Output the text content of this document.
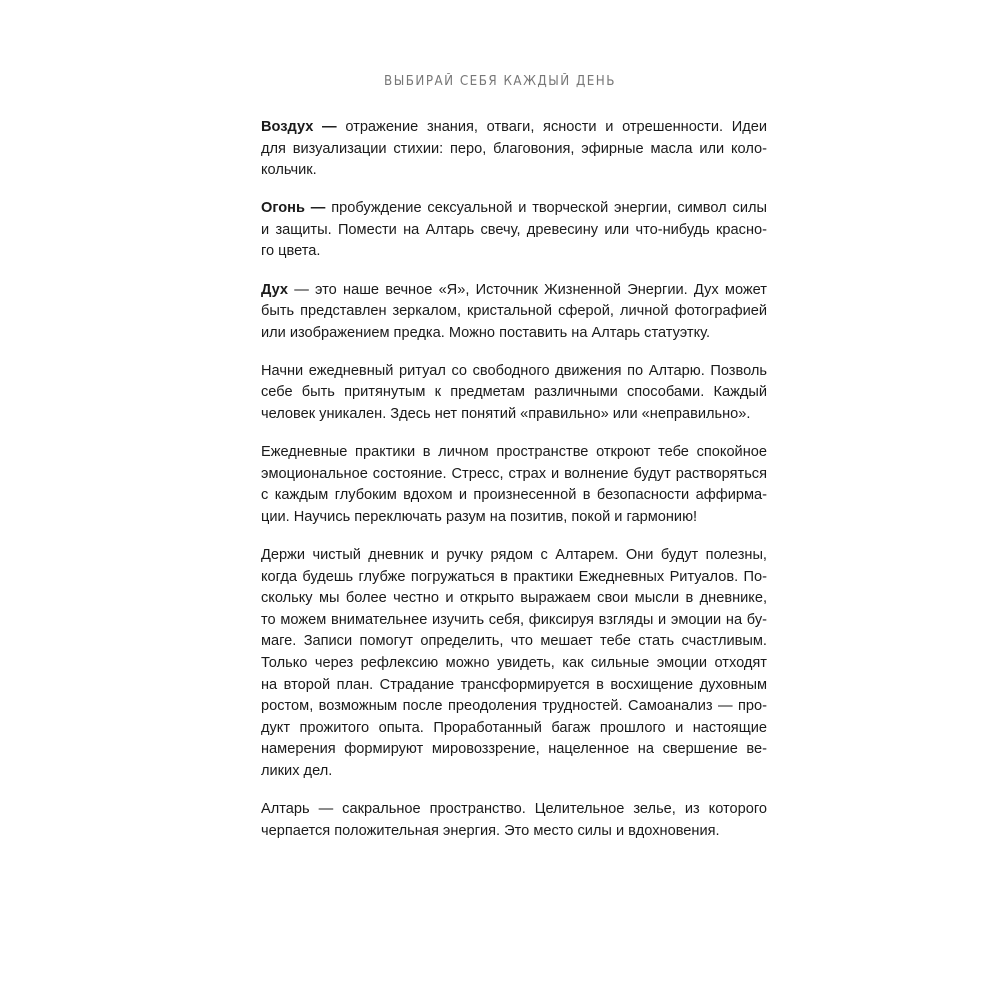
ВЫБИРАЙ СЕБЯ КАЖДЫЙ ДЕНЬ
Воздух — отражение знания, отваги, ясности и отрешенности. Идеи
для визуализации стихии: перо, благовония, эфирные масла или коло-
кольчик.
Огонь — пробуждение сексуальной и творческой энергии, символ силы
и защиты. Помести на Алтарь свечу, древесину или что-нибудь красно-
го цвета.
Дух — это наше вечное «Я», Источник Жизненной Энергии. Дух может
быть представлен зеркалом, кристальной сферой, личной фотографией
или изображением предка. Можно поставить на Алтарь статуэтку.
Начни ежедневный ритуал со свободного движения по Алтарю. Позволь
себе быть притянутым к предметам различными способами. Каждый
человек уникален. Здесь нет понятий «правильно» или «неправильно».
Ежедневные практики в личном пространстве откроют тебе спокойное
эмоциональное состояние. Стресс, страх и волнение будут растворяться
с каждым глубоким вдохом и произнесенной в безопасности аффирма-
ции. Научись переключать разум на позитив, покой и гармонию!
Держи чистый дневник и ручку рядом с Алтарем. Они будут полезны,
когда будешь глубже погружаться в практики Ежедневных Ритуалов. По-
скольку мы более честно и открыто выражаем свои мысли в дневнике,
то можем внимательнее изучить себя, фиксируя взгляды и эмоции на бу-
маге. Записи помогут определить, что мешает тебе стать счастливым.
Только через рефлексию можно увидеть, как сильные эмоции отходят
на второй план. Страдание трансформируется в восхищение духовным
ростом, возможным после преодоления трудностей. Самоанализ — про-
дукт прожитого опыта. Проработанный багаж прошлого и настоящие
намерения формируют мировоззрение, нацеленное на свершение ве-
ликих дел.
Алтарь — сакральное пространство. Целительное зелье, из которого
черпается положительная энергия. Это место силы и вдохновения.
